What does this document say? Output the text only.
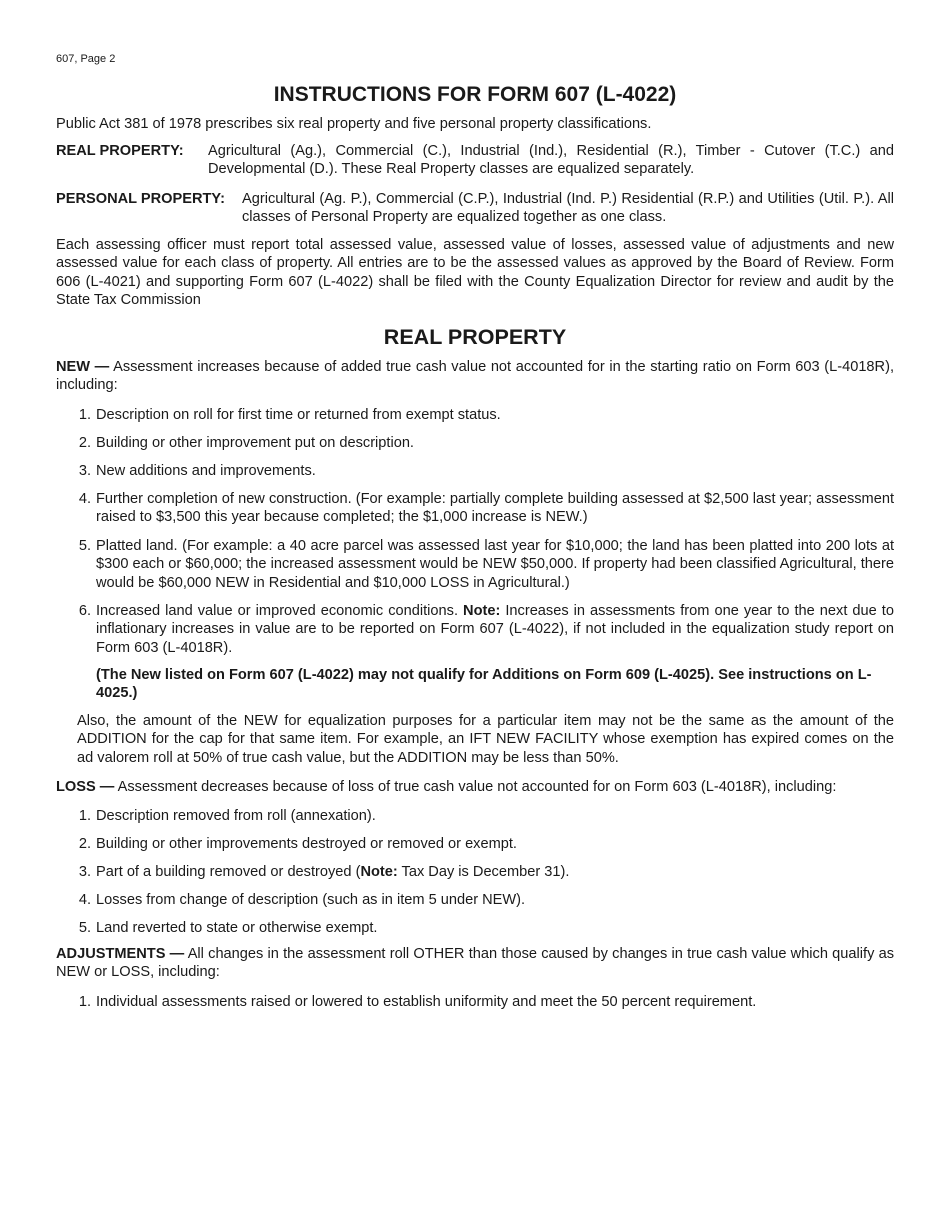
607, Page 2
INSTRUCTIONS FOR FORM 607 (L-4022)
Public Act 381 of 1978 prescribes six real property and five personal property classifications.
REAL PROPERTY: Agricultural (Ag.), Commercial (C.), Industrial (Ind.), Residential (R.), Timber - Cutover (T.C.) and Developmental (D.). These Real Property classes are equalized separately.
PERSONAL PROPERTY: Agricultural (Ag. P.), Commercial (C.P.), Industrial (Ind. P.) Residential (R.P.) and Utilities (Util. P.). All classes of Personal Property are equalized together as one class.
Each assessing officer must report total assessed value, assessed value of losses, assessed value of adjustments and new assessed value for each class of property. All entries are to be the assessed values as approved by the Board of Review. Form 606 (L-4021) and supporting Form 607 (L-4022) shall be filed with the County Equalization Director for review and audit by the State Tax Commission
REAL PROPERTY
NEW — Assessment increases because of added true cash value not accounted for in the starting ratio on Form 603 (L-4018R), including:
1. Description on roll for first time or returned from exempt status.
2. Building or other improvement put on description.
3. New additions and improvements.
4. Further completion of new construction. (For example: partially complete building assessed at $2,500 last year; assessment raised to $3,500 this year because completed; the $1,000 increase is NEW.)
5. Platted land. (For example: a 40 acre parcel was assessed last year for $10,000; the land has been platted into 200 lots at $300 each or $60,000; the increased assessment would be NEW $50,000. If property had been classified Agricultural, there would be $60,000 NEW in Residential and $10,000 LOSS in Agricultural.)
6. Increased land value or improved economic conditions. Note: Increases in assessments from one year to the next due to inflationary increases in value are to be reported on Form 607 (L-4022), if not included in the equalization study report on Form 603 (L-4018R).
(The New listed on Form 607 (L-4022) may not qualify for Additions on Form 609 (L-4025). See instructions on L-4025.)
Also, the amount of the NEW for equalization purposes for a particular item may not be the same as the amount of the ADDITION for the cap for that same item. For example, an IFT NEW FACILITY whose exemption has expired comes on the ad valorem roll at 50% of true cash value, but the ADDITION may be less than 50%.
LOSS — Assessment decreases because of loss of true cash value not accounted for on Form 603 (L-4018R), including:
1. Description removed from roll (annexation).
2. Building or other improvements destroyed or removed or exempt.
3. Part of a building removed or destroyed (Note: Tax Day is December 31).
4. Losses from change of description (such as in item 5 under NEW).
5. Land reverted to state or otherwise exempt.
ADJUSTMENTS — All changes in the assessment roll OTHER than those caused by changes in true cash value which qualify as NEW or LOSS, including:
1. Individual assessments raised or lowered to establish uniformity and meet the 50 percent requirement.
